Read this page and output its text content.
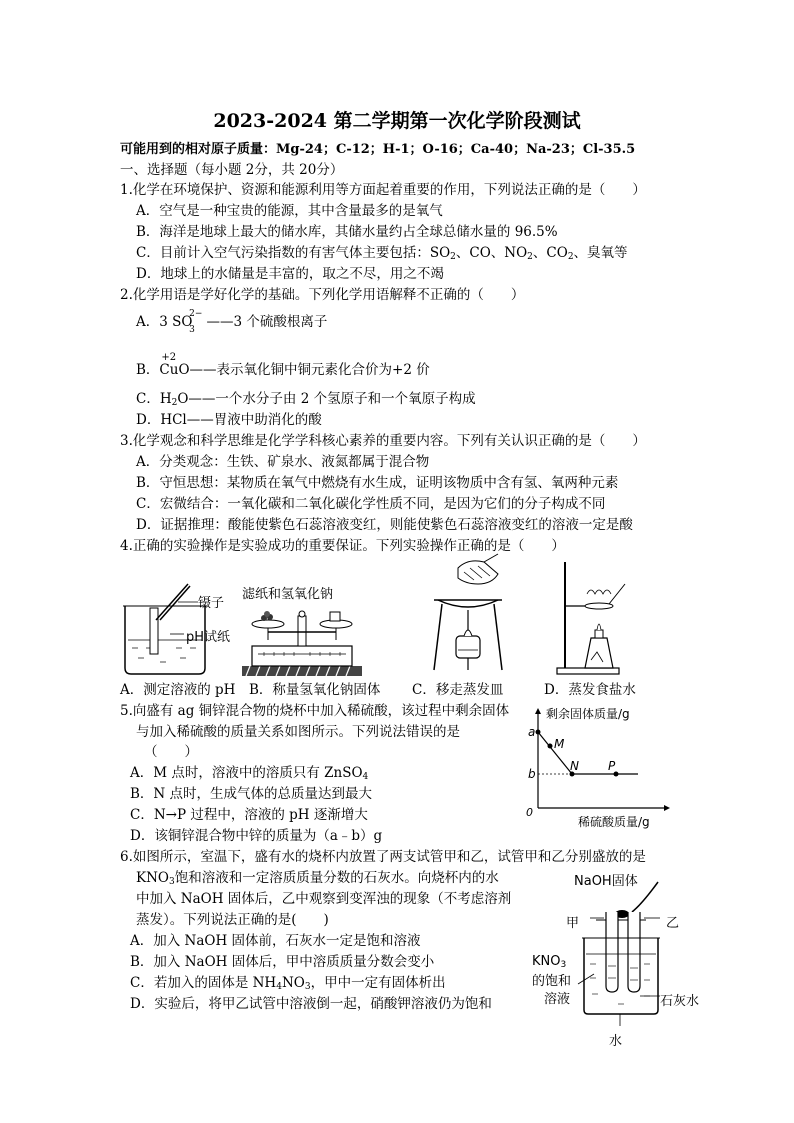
2023-2024 第二学期第一次化学阶段测试
可能用到的相对原子质量：Mg-24；C-12；H-1；O-16；Ca-40；Na-23；Cl-35.5
一、选择题（每小题 2分，共 20分）
1.化学在环境保护、资源和能源利用等方面起着重要的作用，下列说法正确的是（　　）
A．空气是一种宝贵的能源，其中含量最多的是氧气
B．海洋是地球上最大的储水库，其储水量约占全球总储水量的 96.5%
C．目前计入空气污染指数的有害气体主要包括：$SO_2$、CO、$NO_2$、$CO_2$、臭氧等
D．地球上的水储量是丰富的，取之不尽，用之不竭
2.化学用语是学好化学的基础。下列化学用语解释不正确的（　　）
A．3 SO
2−
3 ——3 个硫酸根离子
B．
+2
CuO——表示氧化铜中铜元素化合价为+2 价
C．$H_2O——$一个水分子由 2 个氢原子和一个氧原子构成
D．HCl——胃液中助消化的酸
3.化学观念和科学思维是化学学科核心素养的重要内容。下列有关认识正确的是（　　）
A．分类观念：生铁、矿泉水、液氮都属于混合物
B．守恒思想：某物质在氧气中燃烧有水生成，证明该物质中含有氢、氧两种元素
C．宏微结合：一氧化碳和二氧化碳化学性质不同，是因为它们的分子构成不同
D．证据推理：酸能使紫色石蕊溶液变红，则能使紫色石蕊溶液变红的溶液一定是酸
4.正确的实验操作是实验成功的重要保证。下列实验操作正确的是（　　）
镊子
pH试纸
滤纸和氢氧化钠
A．测定溶液的 pH B．称量氢氧化钠固体 C．移走蒸发皿	D．蒸发食盐水
5.向盛有 ag 铜锌混合物的烧杯中加入稀硫酸，该过程中剩余固体
与加入稀硫酸的质量关系如图所示。下列说法错误的是
（　　）
A．M 点时，溶液中的溶质只有 ZnSO$_4$
B．N 点时，生成气体的总质量达到最大
C．N→P 过程中，溶液的 pH 逐渐增大
D．该铜锌混合物中锌的质量为（a﹣b）g
剩余固体质量/g
稀硫酸质量/g
0
a
b
M
N P
6.如图所示，室温下，盛有水的烧杯内放置了两支试管甲和乙，试管甲和乙分别盛放的是
$KNO_3$饱和溶液和一定溶质质量分数的石灰水。向烧杯内的水
中加入 NaOH 固体后，乙中观察到变浑浊的现象（不考虑溶剂
蒸发）。下列说法正确的是(　　)
A．加入 NaOH 固体前，石灰水一定是饱和溶液
B．加入 NaOH 固体后，甲中溶质质量分数会变小
C．若加入的固体是 $NH_4NO_3$，甲中一定有固体析出
D．实验后，将甲乙试管中溶液倒一起，硝酸钾溶液仍为饱和
NaOH固体
甲	乙
$KNO_3$
的饱和
溶液	石灰水
水
